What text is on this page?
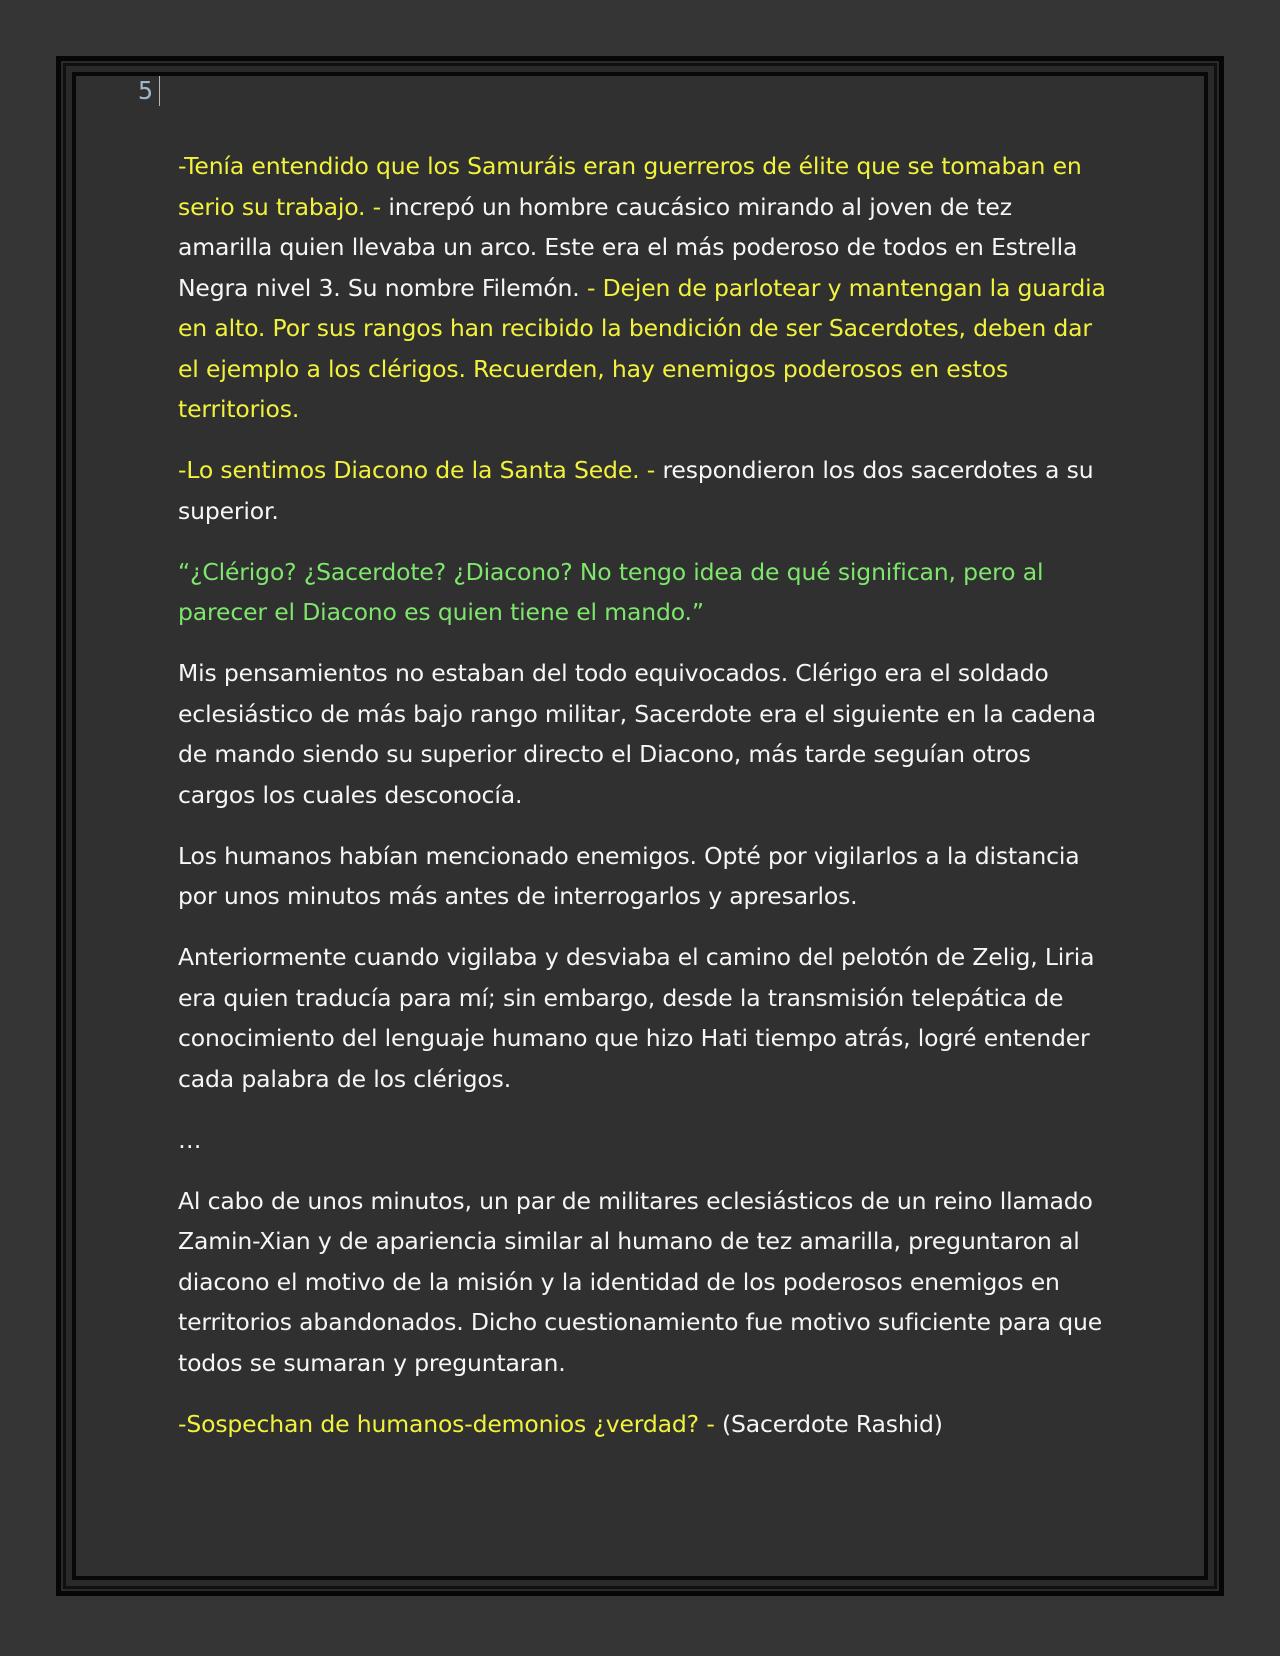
5

-Tenía entendido que los Samuráis eran guerreros de élite que se tomaban en serio su trabajo. - increpó un hombre caucásico mirando al joven de tez amarilla quien llevaba un arco. Este era el más poderoso de todos en Estrella Negra nivel 3. Su nombre Filemón. - Dejen de parlotear y mantengan la guardia en alto. Por sus rangos han recibido la bendición de ser Sacerdotes, deben dar el ejemplo a los clérigos. Recuerden, hay enemigos poderosos en estos territorios.

-Lo sentimos Diacono de la Santa Sede. - respondieron los dos sacerdotes a su superior.

“¿Clérigo? ¿Sacerdote? ¿Diacono? No tengo idea de qué significan, pero al parecer el Diacono es quien tiene el mando.”

Mis pensamientos no estaban del todo equivocados. Clérigo era el soldado eclesiástico de más bajo rango militar, Sacerdote era el siguiente en la cadena de mando siendo su superior directo el Diacono, más tarde seguían otros cargos los cuales desconocía.

Los humanos habían mencionado enemigos. Opté por vigilarlos a la distancia por unos minutos más antes de interrogarlos y apresarlos.

Anteriormente cuando vigilaba y desviaba el camino del pelotón de Zelig, Liria era quien traducía para mí; sin embargo, desde la transmisión telepática de conocimiento del lenguaje humano que hizo Hati tiempo atrás, logré entender cada palabra de los clérigos.

…

Al cabo de unos minutos, un par de militares eclesiásticos de un reino llamado Zamin-Xian y de apariencia similar al humano de tez amarilla, preguntaron al diacono el motivo de la misión y la identidad de los poderosos enemigos en territorios abandonados. Dicho cuestionamiento fue motivo suficiente para que todos se sumaran y preguntaran.

-Sospechan de humanos-demonios ¿verdad? - (Sacerdote Rashid)
